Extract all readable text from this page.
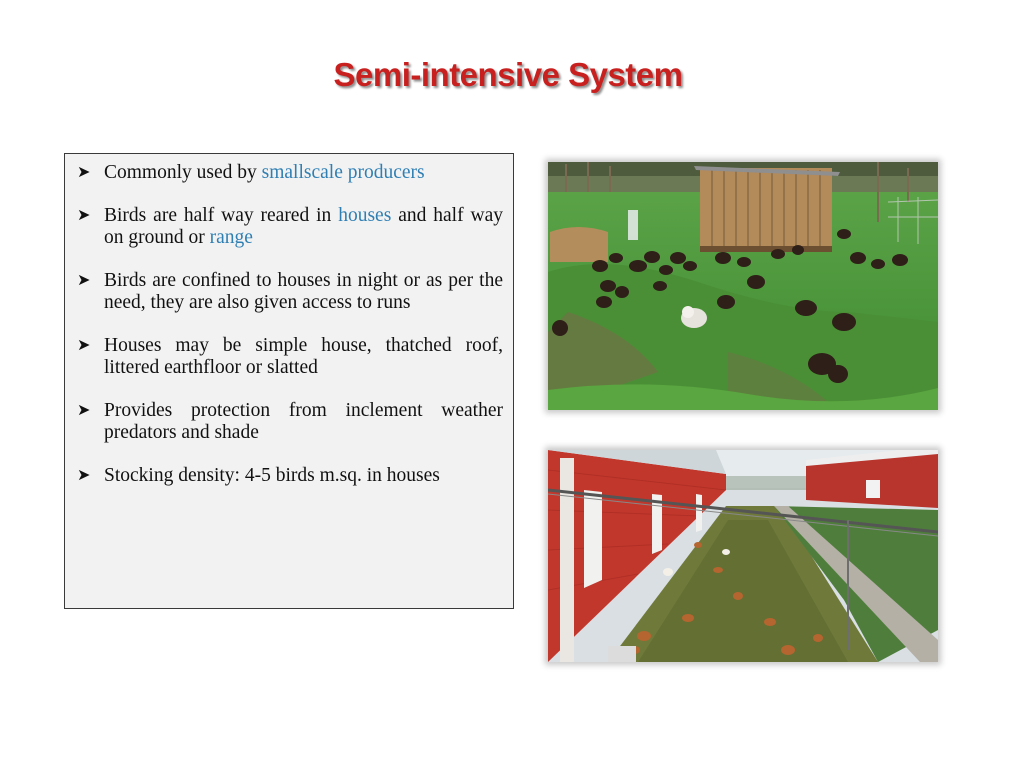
Semi-intensive System
➤ Commonly used by smallscale producers
➤ Birds are half way reared in houses and half way on ground or range
➤ Birds are confined to houses in night or as per the need, they are also given access to runs
➤ Houses may be simple house, thatched roof, littered earthfloor or slatted
➤ Provides protection from inclement weather predators and shade
➤ Stocking density: 4-5 birds m.sq. in houses
